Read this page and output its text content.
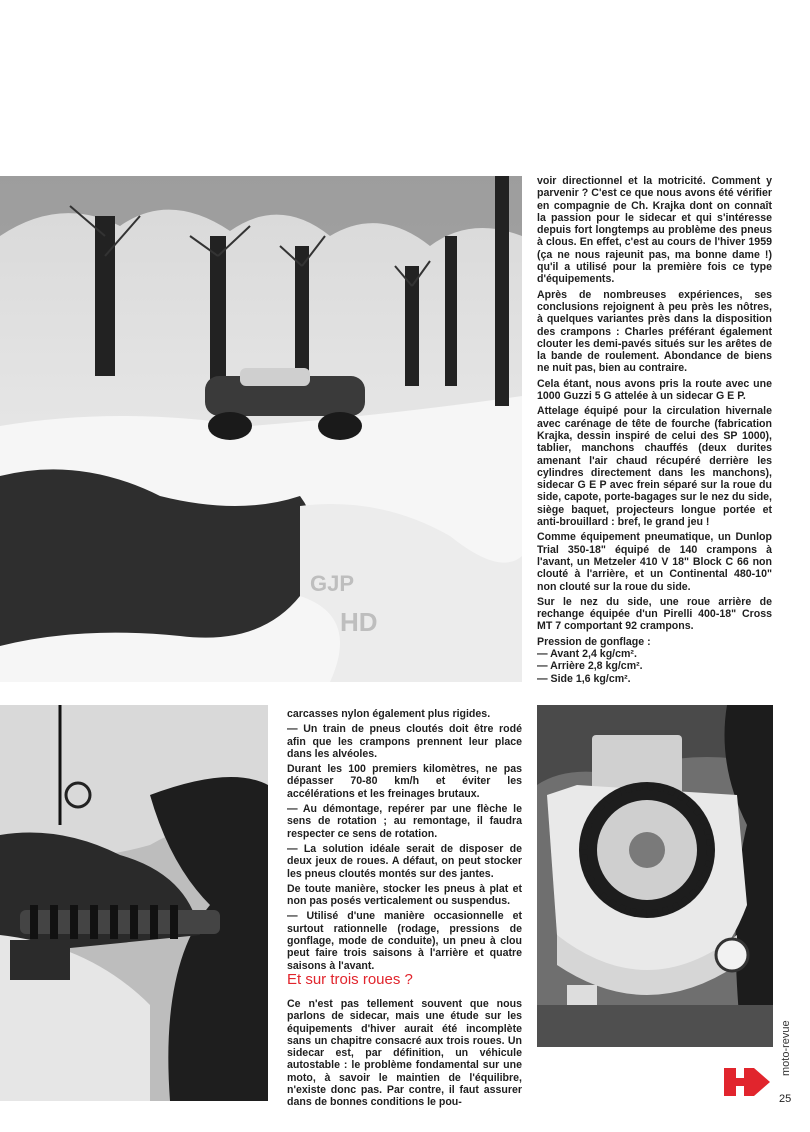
GJP
HD

voir directionnel et la motricité. Comment y parvenir ? C'est ce que nous avons été vérifier en compagnie de Ch. Krajka dont on connaît la passion pour le sidecar et qui s'intéresse depuis fort longtemps au problème des pneus à clous. En effet, c'est au cours de l'hiver 1959 (ça ne nous rajeunit pas, ma bonne dame !) qu'il a utilisé pour la première fois ce type d'équipements.

Après de nombreuses expériences, ses conclusions rejoignent à peu près les nôtres, à quelques variantes près dans la disposition des crampons : Charles préférant également clouter les demi-pavés situés sur les arêtes de la bande de roulement. Abondance de biens ne nuit pas, bien au contraire.

Cela étant, nous avons pris la route avec une 1000 Guzzi 5 G attelée à un sidecar G E P.

Attelage équipé pour la circulation hivernale avec carénage de tête de fourche (fabrication Krajka, dessin inspiré de celui des SP 1000), tablier, manchons chauffés (deux durites amenant l'air chaud récupéré derrière les cylindres directement dans les manchons), sidecar G E P avec frein séparé sur la roue du side, capote, porte-bagages sur le nez du side, siège baquet, projecteurs longue portée et anti-brouillard : bref, le grand jeu !

Comme équipement pneumatique, un Dunlop Trial 350-18" équipé de 140 crampons à l'avant, un Metzeler 410 V 18" Block C 66 non clouté à l'arrière, et un Continental 480-10" non clouté sur la roue du side.

Sur le nez du side, une roue arrière de rechange équipée d'un Pirelli 400-18" Cross MT 7 comportant 92 crampons.

Pression de gonflage :

— Avant 2,4 kg/cm².

— Arrière 2,8 kg/cm².

— Side 1,6 kg/cm².

carcasses nylon également plus rigides.

— Un train de pneus cloutés doit être rodé afin que les crampons prennent leur place dans les alvéoles.

Durant les 100 premiers kilomètres, ne pas dépasser 70-80 km/h et éviter les accélérations et les freinages brutaux.

— Au démontage, repérer par une flèche le sens de rotation ; au remontage, il faudra respecter ce sens de rotation.

— La solution idéale serait de disposer de deux jeux de roues. A défaut, on peut stocker les pneus cloutés montés sur des jantes.

De toute manière, stocker les pneus à plat et non pas posés verticalement ou suspendus.

— Utilisé d'une manière occasionnelle et surtout rationnelle (rodage, pressions de gonflage, mode de conduite), un pneu à clou peut faire trois saisons à l'arrière et quatre saisons à l'avant.

Et sur trois roues ?

Ce n'est pas tellement souvent que nous parlons de sidecar, mais une étude sur les équipements d'hiver aurait été incomplète sans un chapitre consacré aux trois roues. Un sidecar est, par définition, un véhicule autostable : le problème fondamental sur une moto, à savoir le maintien de l'équilibre, n'existe donc pas. Par contre, il faut assurer dans de bonnes conditions le pou-

moto-revue
25
